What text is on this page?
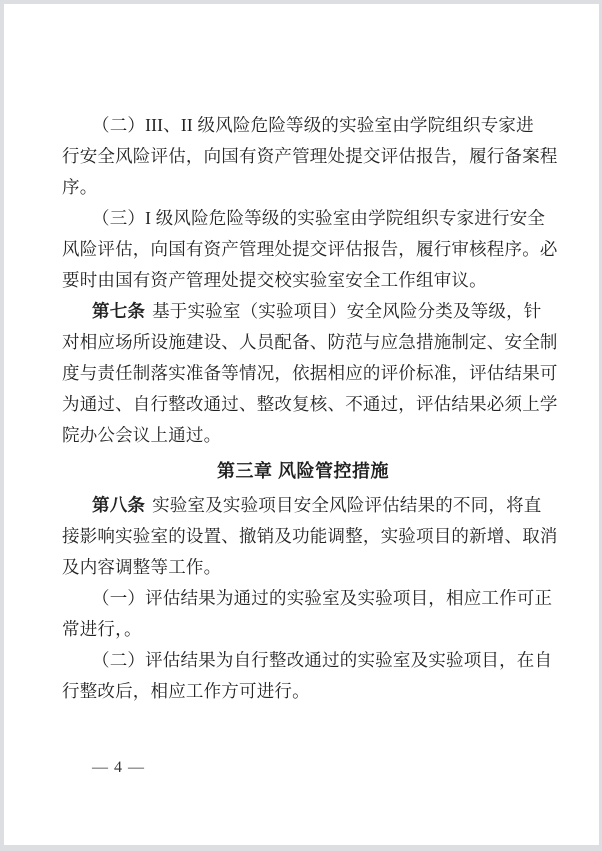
（二）III、II 级风险危险等级的实验室由学院组织专家进
行安全风险评估，向国有资产管理处提交评估报告，履行备案程
序。
（三）I 级风险危险等级的实验室由学院组织专家进行安全
风险评估，向国有资产管理处提交评估报告，履行审核程序。必
要时由国有资产管理处提交校实验室安全工作组审议。
第七条 基于实验室（实验项目）安全风险分类及等级，针
对相应场所设施建设、人员配备、防范与应急措施制定、安全制
度与责任制落实准备等情况，依据相应的评价标准，评估结果可
为通过、自行整改通过、整改复核、不通过，评估结果必须上学
院办公会议上通过。
第三章 风险管控措施
第八条 实验室及实验项目安全风险评估结果的不同，将直
接影响实验室的设置、撤销及功能调整，实验项目的新增、取消
及内容调整等工作。
（一）评估结果为通过的实验室及实验项目，相应工作可正
常进行，。
（二）评估结果为自行整改通过的实验室及实验项目，在自
行整改后，相应工作方可进行。
— 4 —
